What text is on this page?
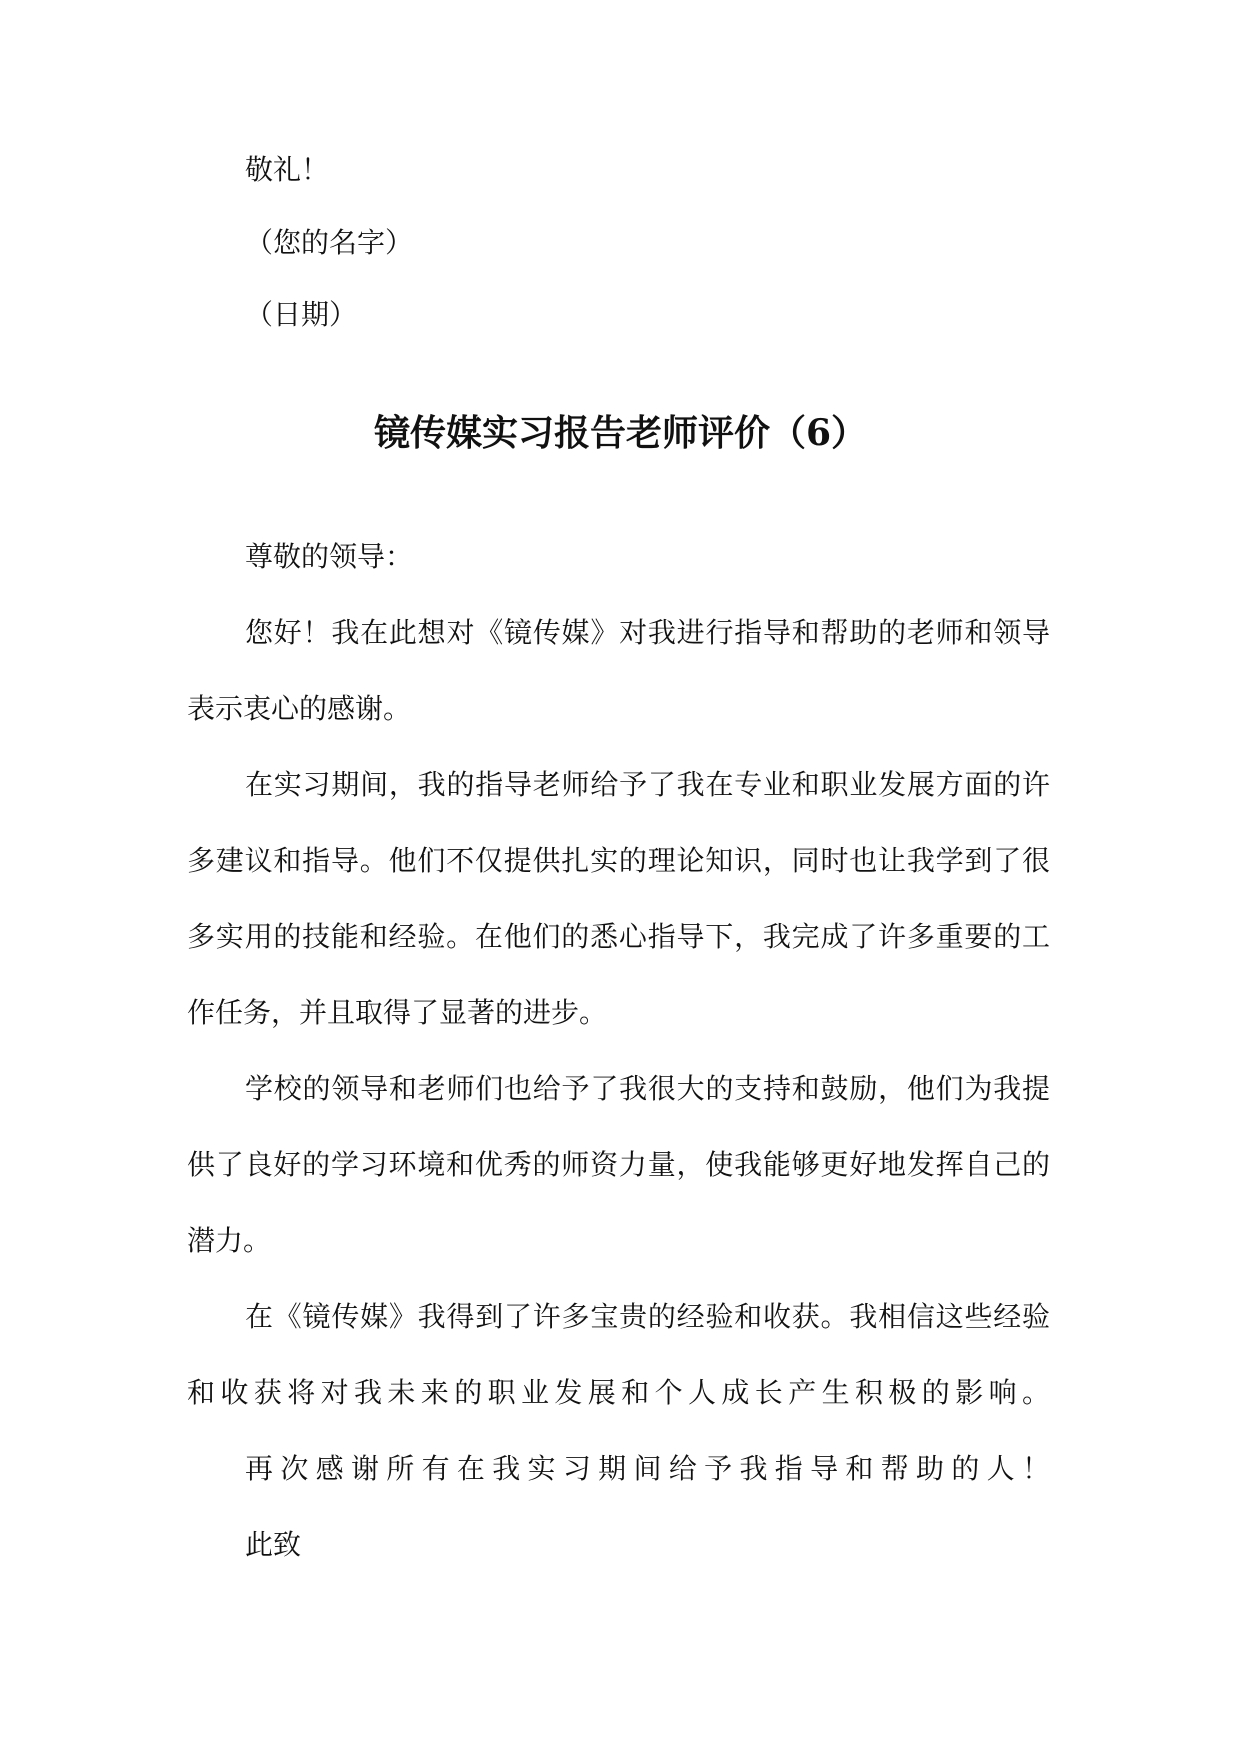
敬礼！
（您的名字）
（日期）
镜传媒实习报告老师评价（6）
尊敬的领导：
您好！我在此想对《镜传媒》对我进行指导和帮助的老师和领导
表示衷心的感谢。
在实习期间，我的指导老师给予了我在专业和职业发展方面的许
多建议和指导。他们不仅提供扎实的理论知识，同时也让我学到了很
多实用的技能和经验。在他们的悉心指导下，我完成了许多重要的工
作任务，并且取得了显著的进步。
学校的领导和老师们也给予了我很大的支持和鼓励，他们为我提
供了良好的学习环境和优秀的师资力量，使我能够更好地发挥自己的
潜力。
在《镜传媒》我得到了许多宝贵的经验和收获。我相信这些经验
和收获将对我未来的职业发展和个人成长产生积极的影响。
再次感谢所有在我实习期间给予我指导和帮助的人！
此致
